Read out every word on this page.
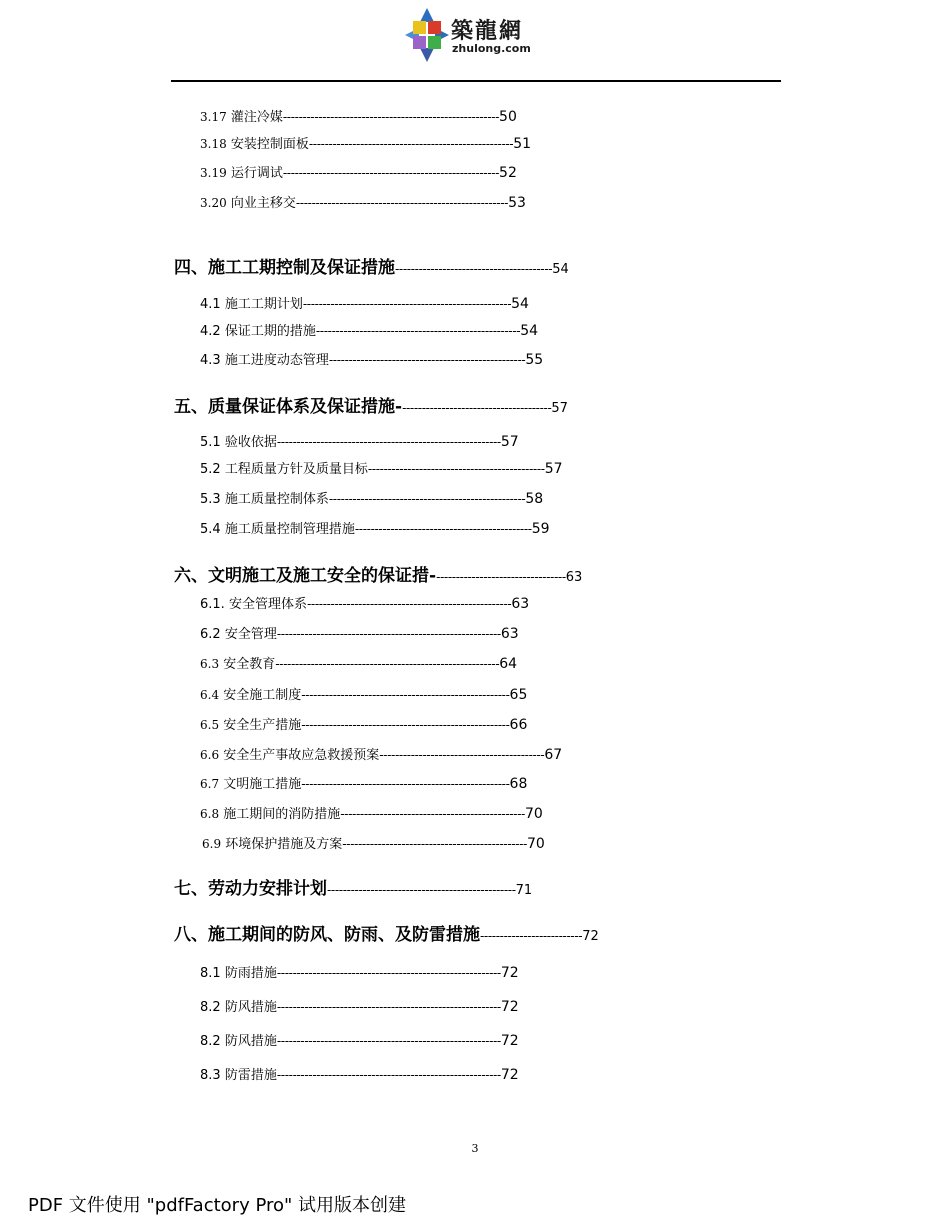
築龍網
zhulong.com
3.17 灌注冷媒-------------------------------------------------------50
3.18 安装控制面板----------------------------------------------------51
3.19 运行调试-------------------------------------------------------52
3.20 向业主移交------------------------------------------------------53
四、施工工期控制及保证措施----------------------------------------54
4.1 施工工期计划-----------------------------------------------------54
4.2 保证工期的措施----------------------------------------------------54
4.3 施工进度动态管理--------------------------------------------------55
五、质量保证体系及保证措施---------------------------------------57
5.1 验收依据---------------------------------------------------------57
5.2 工程质量方针及质量目标---------------------------------------------57
5.3 施工质量控制体系--------------------------------------------------58
5.4 施工质量控制管理措施---------------------------------------------59
六、文明施工及施工安全的保证措----------------------------------63
6.1. 安全管理体系----------------------------------------------------63
6.2 安全管理---------------------------------------------------------63
6.3 安全教育---------------------------------------------------------64
6.4 安全施工制度-----------------------------------------------------65
6.5 安全生产措施-----------------------------------------------------66
6.6 安全生产事故应急救援预案------------------------------------------67
6.7 文明施工措施-----------------------------------------------------68
6.8 施工期间的消防措施-----------------------------------------------70
6.9 环境保护措施及方案-----------------------------------------------70
七、劳动力安排计划------------------------------------------------71
八、施工期间的防风、防雨、及防雷措施--------------------------72
8.1 防雨措施---------------------------------------------------------72
8.2 防风措施---------------------------------------------------------72
8.2 防风措施---------------------------------------------------------72
8.3 防雷措施---------------------------------------------------------72
3
PDF 文件使用 "pdfFactory Pro" 试用版本创建
